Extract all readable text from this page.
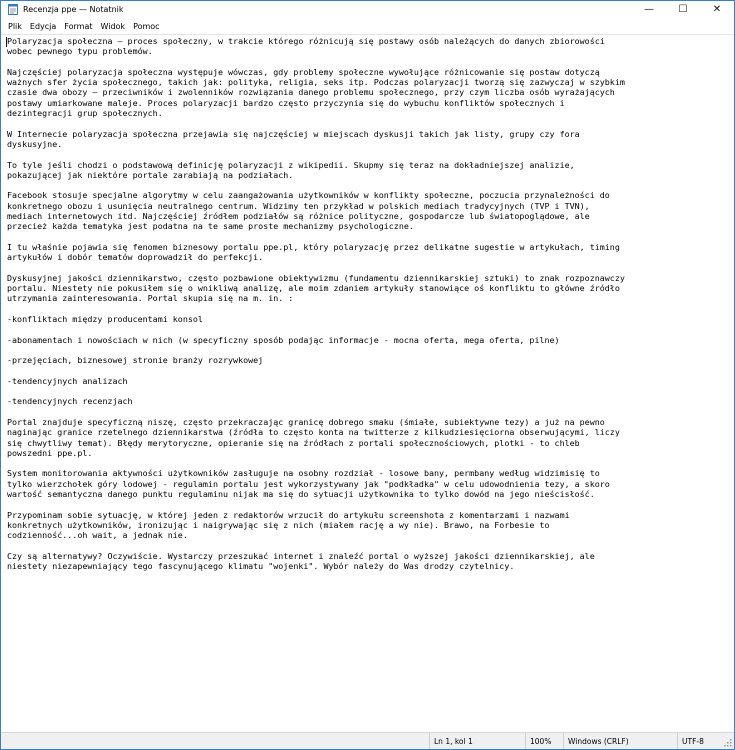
Recenzja ppe — Notatnik	— ☐	✕
Plik	Edycja	Format	Widok	Pomoc
Polaryzacja społeczna – proces społeczny, w trakcie którego różnicują się postawy osób należących do danych zbiorowości
wobec pewnego typu problemów.

Najczęściej polaryzacja społeczna występuje wówczas, gdy problemy społeczne wywołujące różnicowanie się postaw dotyczą
ważnych sfer życia społecznego, takich jak: polityka, religia, seks itp. Podczas polaryzacji tworzą się zazwyczaj w szybkim
czasie dwa obozy – przeciwników i zwolenników rozwiązania danego problemu społecznego, przy czym liczba osób wyrażających
postawy umiarkowane maleje. Proces polaryzacji bardzo często przyczynia się do wybuchu konfliktów społecznych i
dezintegracji grup społecznych.

W Internecie polaryzacja społeczna przejawia się najczęściej w miejscach dyskusji takich jak listy, grupy czy fora
dyskusyjne.

To tyle jeśli chodzi o podstawową definicję polaryzacji z wikipedii. Skupmy się teraz na dokładniejszej analizie,
pokazującej jak niektóre portale zarabiają na podziałach.

Facebook stosuje specjalne algorytmy w celu zaangażowania użytkowników w konflikty społeczne, poczucia przynależności do
konkretnego obozu i usunięcia neutralnego centrum. Widzimy ten przykład w polskich mediach tradycyjnych (TVP i TVN),
mediach internetowych itd. Najczęściej źródłem podziałów są różnice polityczne, gospodarcze lub światopoglądowe, ale
przecież każda tematyka jest podatna na te same proste mechanizmy psychologiczne.

I tu właśnie pojawia się fenomen biznesowy portalu ppe.pl, który polaryzację przez delikatne sugestie w artykułach, timing
artykułów i dobór tematów doprowadził do perfekcji.

Dyskusyjnej jakości dziennikarstwo, często pozbawione obiektywizmu (fundamentu dziennikarskiej sztuki) to znak rozpoznawczy
portalu. Niestety nie pokusiłem się o wnikliwą analizę, ale moim zdaniem artykuły stanowiące oś konfliktu to główne źródło
utrzymania zainteresowania. Portal skupia się na m. in. :

-konfliktach między producentami konsol

-abonamentach i nowościach w nich (w specyficzny sposób podając informacje - mocna oferta, mega oferta, pilne)

-przejęciach, biznesowej stronie branży rozrywkowej

-tendencyjnych analizach

-tendencyjnych recenzjach

Portal znajduje specyficzną niszę, często przekraczając granicę dobrego smaku (śmiałe, subiektywne tezy) a już na pewno
naginając granice rzetelnego dziennikarstwa (źródła to często konta na twitterze z kilkudziesięciorna obserwującymi, liczy
się chwytliwy temat). Błędy merytoryczne, opieranie się na źródłach z portali społecznościowych, plotki - to chleb
powszedni ppe.pl.

System monitorowania aktywności użytkowników zasługuje na osobny rozdział - losowe bany, permbany według widzimisię to
tylko wierzchołek góry lodowej - regulamin portalu jest wykorzystywany jak "podkładka" w celu udowodnienia tezy, a skoro
wartość semantyczna danego punktu regulaminu nijak ma się do sytuacji użytkownika to tylko dowód na jego nieścisłość.

Przypominam sobie sytuację, w której jeden z redaktorów wrzucił do artykułu screenshota z komentarzami i nazwami
konkretnych użytkowników, ironizując i naigrywając się z nich (miałem rację a wy nie). Brawo, na Forbesie to
codzienność...oh wait, a jednak nie.

Czy są alternatywy? Oczywiście. Wystarczy przeszukać internet i znaleźć portal o wyższej jakości dziennikarskiej, ale
niestety niezapewniający tego fascynującego klimatu "wojenki". Wybór należy do Was drodzy czytelnicy.
Ln 1, kol 1	100% Windows (CRLF)	UTF-8
